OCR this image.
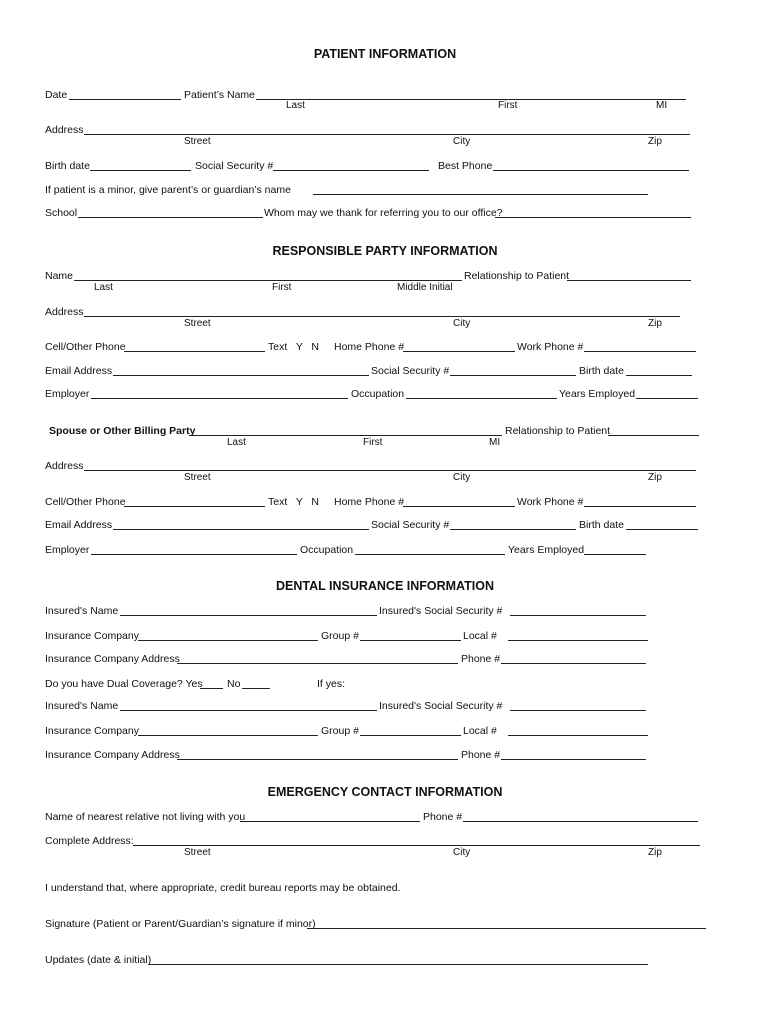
PATIENT INFORMATION
Date	Patient’s Name
Last	First	MI
Address
Street	City	Zip
Birth date	Social Security #	Best Phone
If patient is a minor, give parent’s or guardian’s name
School	Whom may we thank for referring you to our office?
RESPONSIBLE PARTY INFORMATION
Name	Relationship to Patient
Last	First	Middle Initial
Address
Street	City	Zip
Cell/Other Phone	Text   Y   N Home Phone #	Work Phone #
Email Address	Social Security #	Birth date
Employer	Occupation	Years Employed
Spouse or Other Billing Party	Relationship to Patient
Last	First	MI
Address
Street	City	Zip
Cell/Other Phone	Text   Y   N Home Phone #	Work Phone #
Email Address	Social Security #	Birth date
Employer	Occupation	Years Employed
DENTAL INSURANCE INFORMATION
Insured's Name	Insured's Social Security #
Insurance Company	Group #	Local #
Insurance Company Address	Phone #
Do you have Dual Coverage? Yes No	If yes:
Insured's Name	Insured's Social Security #
Insurance Company	Group #	Local #
Insurance Company Address	Phone #
EMERGENCY CONTACT INFORMATION
Name of nearest relative not living with you	Phone #
Complete Address:
Street	City	Zip
I understand that, where appropriate, credit bureau reports may be obtained.
Signature (Patient or Parent/Guardian’s signature if minor)
Updates (date & initial)
